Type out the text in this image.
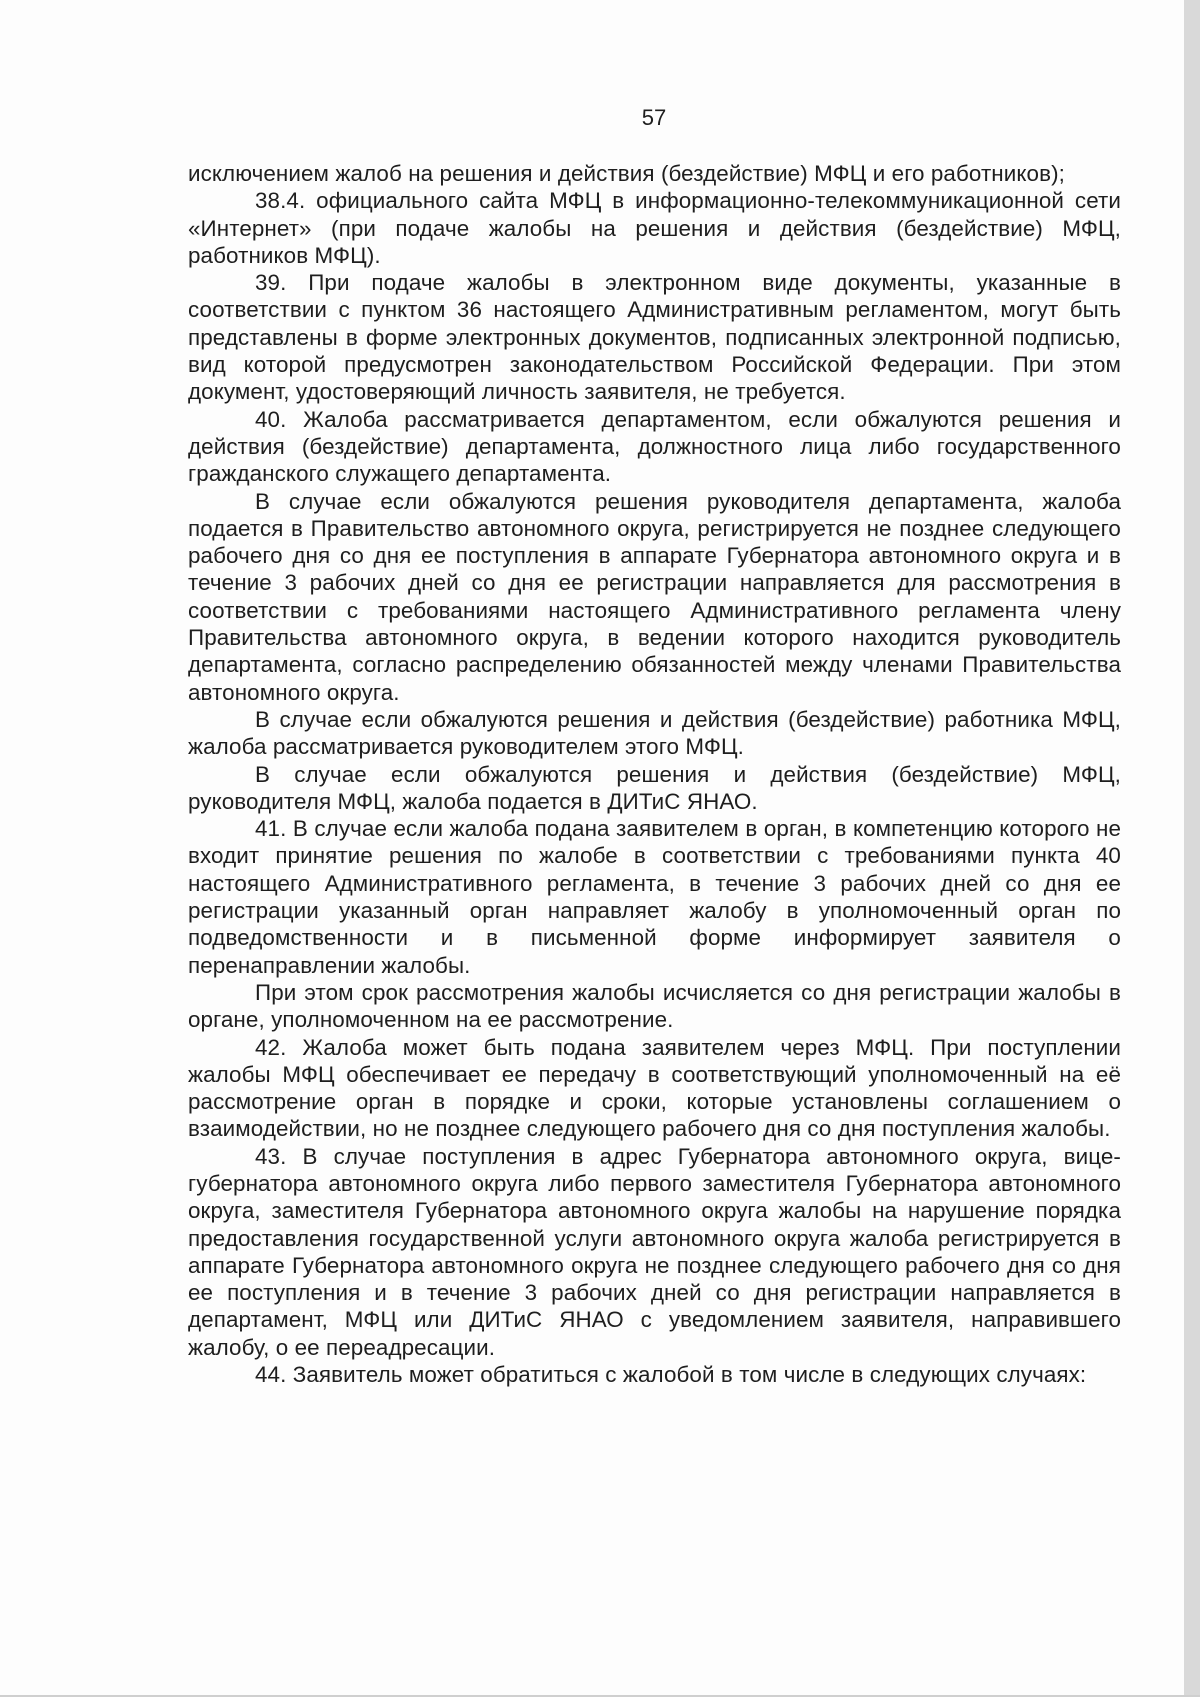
57

исключением жалоб на решения и действия (бездействие) МФЦ и его работников);

38.4. официального сайта МФЦ в информационно-телекоммуникационной сети «Интернет» (при подаче жалобы на решения и действия (бездействие) МФЦ, работников МФЦ).

39. При подаче жалобы в электронном виде документы, указанные в соответствии с пунктом 36 настоящего Административным регламентом, могут быть представлены в форме электронных документов, подписанных электронной подписью, вид которой предусмотрен законодательством Российской Федерации. При этом документ, удостоверяющий личность заявителя, не требуется.

40. Жалоба рассматривается департаментом, если обжалуются решения и действия (бездействие) департамента, должностного лица либо государственного гражданского служащего департамента.

В случае если обжалуются решения руководителя департамента, жалоба подается в Правительство автономного округа, регистрируется не позднее следующего рабочего дня со дня ее поступления в аппарате Губернатора автономного округа и в течение 3 рабочих дней со дня ее регистрации направляется для рассмотрения в соответствии с требованиями настоящего Административного регламента члену Правительства автономного округа, в ведении которого находится руководитель департамента, согласно распределению обязанностей между членами Правительства автономного округа.

В случае если обжалуются решения и действия (бездействие) работника МФЦ, жалоба рассматривается руководителем этого МФЦ.

В случае если обжалуются решения и действия (бездействие) МФЦ, руководителя МФЦ, жалоба подается в ДИТиС ЯНАО.

41. В случае если жалоба подана заявителем в орган, в компетенцию которого не входит принятие решения по жалобе в соответствии с требованиями пункта 40 настоящего Административного регламента, в течение 3 рабочих дней со дня ее регистрации указанный орган направляет жалобу в уполномоченный орган по подведомственности и в письменной форме информирует заявителя о перенаправлении жалобы.

При этом срок рассмотрения жалобы исчисляется со дня регистрации жалобы в органе, уполномоченном на ее рассмотрение.

42. Жалоба может быть подана заявителем через МФЦ. При поступлении жалобы МФЦ обеспечивает ее передачу в соответствующий уполномоченный на её рассмотрение орган в порядке и сроки, которые установлены соглашением о взаимодействии, но не позднее следующего рабочего дня со дня поступления жалобы.

43. В случае поступления в адрес Губернатора автономного округа, вице-губернатора автономного округа либо первого заместителя Губернатора автономного округа, заместителя Губернатора автономного округа жалобы на нарушение порядка предоставления государственной услуги автономного округа жалоба регистрируется в аппарате Губернатора автономного округа не позднее следующего рабочего дня со дня ее поступления и в течение 3 рабочих дней со дня регистрации направляется в департамент, МФЦ или ДИТиС ЯНАО с уведомлением заявителя, направившего жалобу, о ее переадресации.

44. Заявитель может обратиться с жалобой в том числе в следующих случаях:
